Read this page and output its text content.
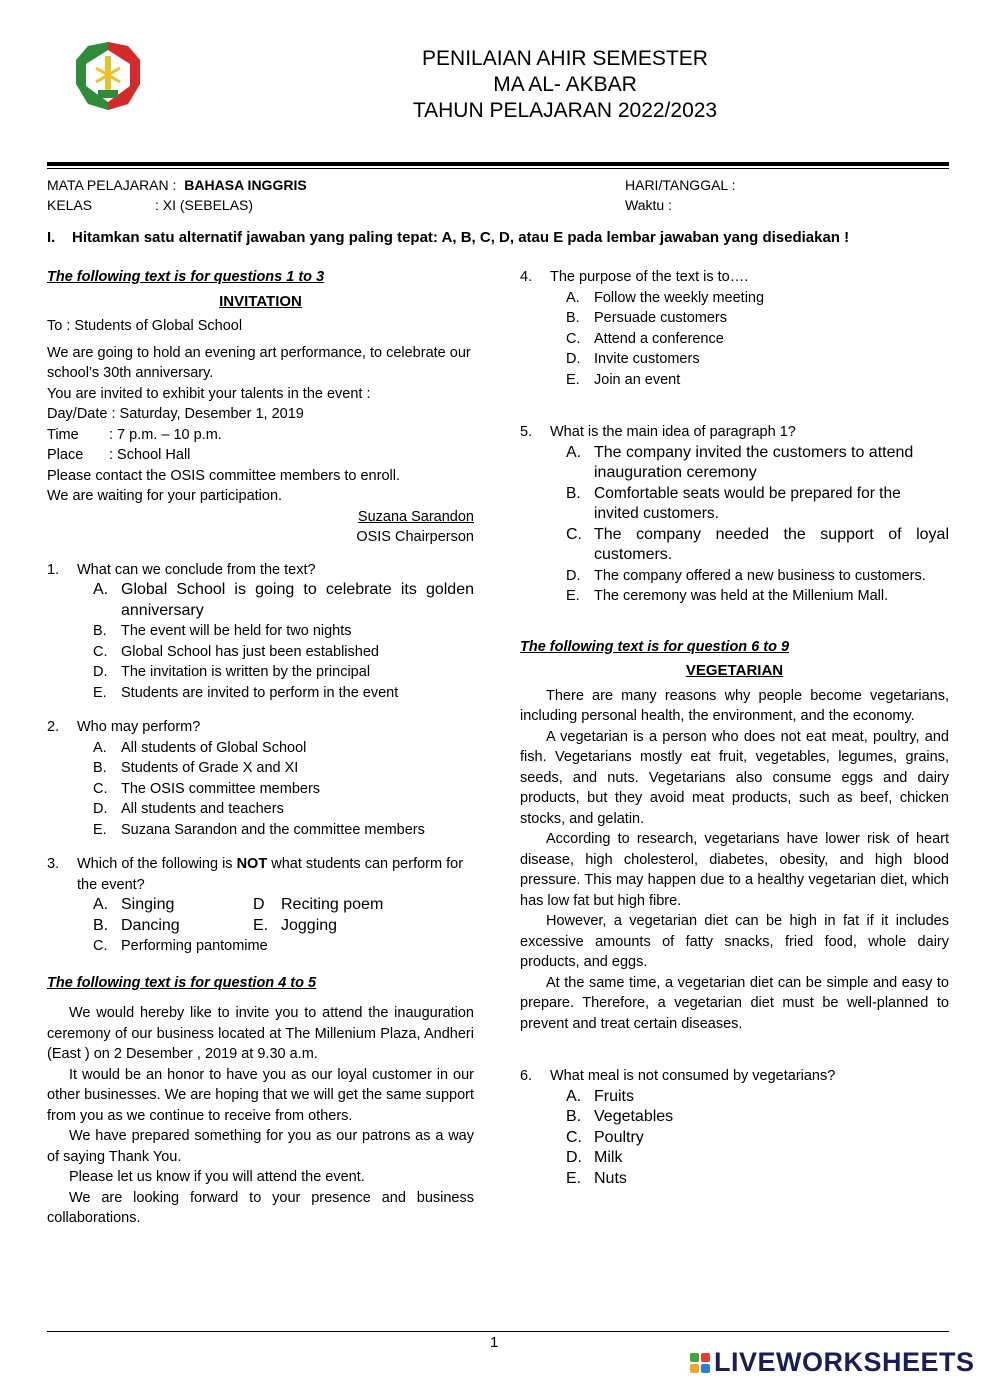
PENILAIAN AHIR SEMESTER
MA AL- AKBAR
TAHUN PELAJARAN 2022/2023
MATA PELAJARAN : BAHASA INGGRIS
KELAS	: XI (SEBELAS)
HARI/TANGGAL :
Waktu :
I. Hitamkan satu alternatif jawaban yang paling tepat: A, B, C, D, atau E pada lembar jawaban yang disediakan !
The following text is for questions 1 to 3
INVITATION
To : Students of Global School
We are going to hold an evening art performance, to celebrate our school’s 30th anniversary.
You are invited to exhibit your talents in the event :
Day/Date : Saturday, Desember 1, 2019
Time : 7 p.m. – 10 p.m.
Place : School Hall
Please contact the OSIS committee members to enroll.
We are waiting for your participation.
Suzana Sarandon
OSIS Chairperson
1.	What can we conclude from the text?
A. Global School is going to celebrate its golden anniversary
B. The event will be held for two nights
C. Global School has just been established
D. The invitation is written by the principal
E. Students are invited to perform in the event
2.	Who may perform?
A. All students of Global School
B. Students of Grade X and XI
C. The OSIS committee members
D. All students and teachers
E. Suzana Sarandon and the committee members
3.	Which of the following is NOT what students can perform for the event?
A. Singing	D	Reciting poem
B. Dancing	E. Jogging
C. Performing pantomime
The following text is for question 4 to 5
We would hereby like to invite you to attend the inauguration ceremony of our business located at The Millenium Plaza, Andheri (East ) on 2 Desember , 2019 at 9.30 a.m.
It would be an honor to have you as our loyal customer in our other businesses. We are hoping that we will get the same support from you as we continue to receive from others.
We have prepared something for you as our patrons as a way of saying Thank You.
Please let us know if you will attend the event.
We are looking forward to your presence and business collaborations.
4.	The purpose of the text is to….
A. Follow the weekly meeting
B. Persuade customers
C. Attend a conference
D. Invite customers
E. Join an event
5.	What is the main idea of paragraph 1?
A. The company invited the customers to attend inauguration ceremony
B. Comfortable seats would be prepared for the invited customers.
C. The company needed the support of loyal customers.
D. The company offered a new business to customers.
E. The ceremony was held at the Millenium Mall.
The following text is for question 6 to 9
VEGETARIAN
There are many reasons why people become vegetarians, including personal health, the environment, and the economy.
A vegetarian is a person who does not eat meat, poultry, and fish. Vegetarians mostly eat fruit, vegetables, legumes, grains, seeds, and nuts. Vegetarians also consume eggs and dairy products, but they avoid meat products, such as beef, chicken stocks, and gelatin.
According to research, vegetarians have lower risk of heart disease, high cholesterol, diabetes, obesity, and high blood pressure. This may happen due to a healthy vegetarian diet, which has low fat but high fibre.
However, a vegetarian diet can be high in fat if it includes excessive amounts of fatty snacks, fried food, whole dairy products, and eggs.
At the same time, a vegetarian diet can be simple and easy to prepare. Therefore, a vegetarian diet must be well-planned to prevent and treat certain diseases.
6.	What meal is not consumed by vegetarians?
A. Fruits
B. Vegetables
C. Poultry
D. Milk
E. Nuts
1
LIVEWORKSHEETS
